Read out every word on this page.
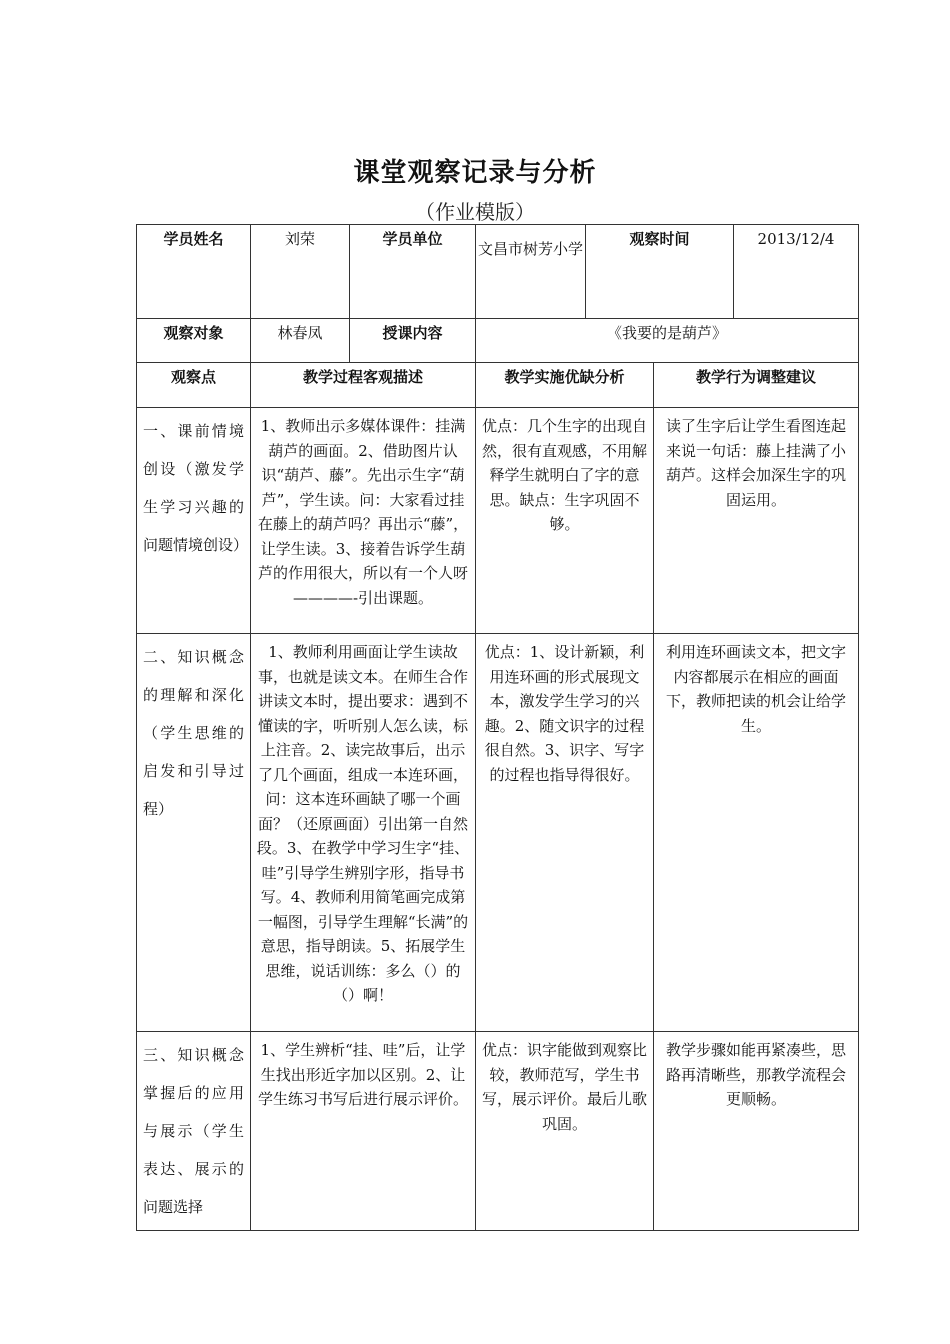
课堂观察记录与分析
（作业模版）
学员姓名	刘荣	学员单位	文昌市树芳小学	观察时间		2013/12/4
观察对象	林春凤	授课内容	《我要的是葫芦》			
观察点	教学过程客观描述		教学实施优缺分析		教学行为调整建议	
一、课前情境创设（激发学生学习兴趣的问题情境创设）	1、教师出示多媒体课件：挂满葫芦的画面。2、借助图片认识“葫芦、藤”。先出示生字“葫芦”，学生读。问：大家看过挂在藤上的葫芦吗？再出示“藤”，让学生读。3、接着告诉学生葫芦的作用很大，所以有一个人呀————-引出课题。		优点：几个生字的出现自然，很有直观感，不用解释学生就明白了字的意思。缺点：生字巩固不够。		读了生字后让学生看图连起来说一句话：藤上挂满了小葫芦。这样会加深生字的巩固运用。	
二、知识概念的理解和深化（学生思维的启发和引导过程）	1、教师利用画面让学生读故事，也就是读文本。在师生合作讲读文本时，提出要求：遇到不懂读的字，听听别人怎么读，标上注音。2、读完故事后，出示了几个画面，组成一本连环画，问：这本连环画缺了哪一个画面？（还原画面）引出第一自然段。3、在教学中学习生字“挂、哇”引导学生辨别字形，指导书写。4、教师利用简笔画完成第一幅图，引导学生理解“长满”的意思，指导朗读。5、拓展学生思维，说话训练：多么（）的（）啊！		优点：1、设计新颖，利用连环画的形式展现文本，激发学生学习的兴趣。2、随文识字的过程很自然。3、识字、写字的过程也指导得很好。		利用连环画读文本，把文字内容都展示在相应的画面下，教师把读的机会让给学生。	
三、知识概念掌握后的应用与展示（学生表达、展示的问题选择	1、学生辨析“挂、哇”后，让学生找出形近字加以区别。2、让学生练习书写后进行展示评价。		优点：识字能做到观察比较，教师范写，学生书写，展示评价。最后儿歌巩固。		教学步骤如能再紧凑些，思路再清晰些，那教学流程会更顺畅。	
